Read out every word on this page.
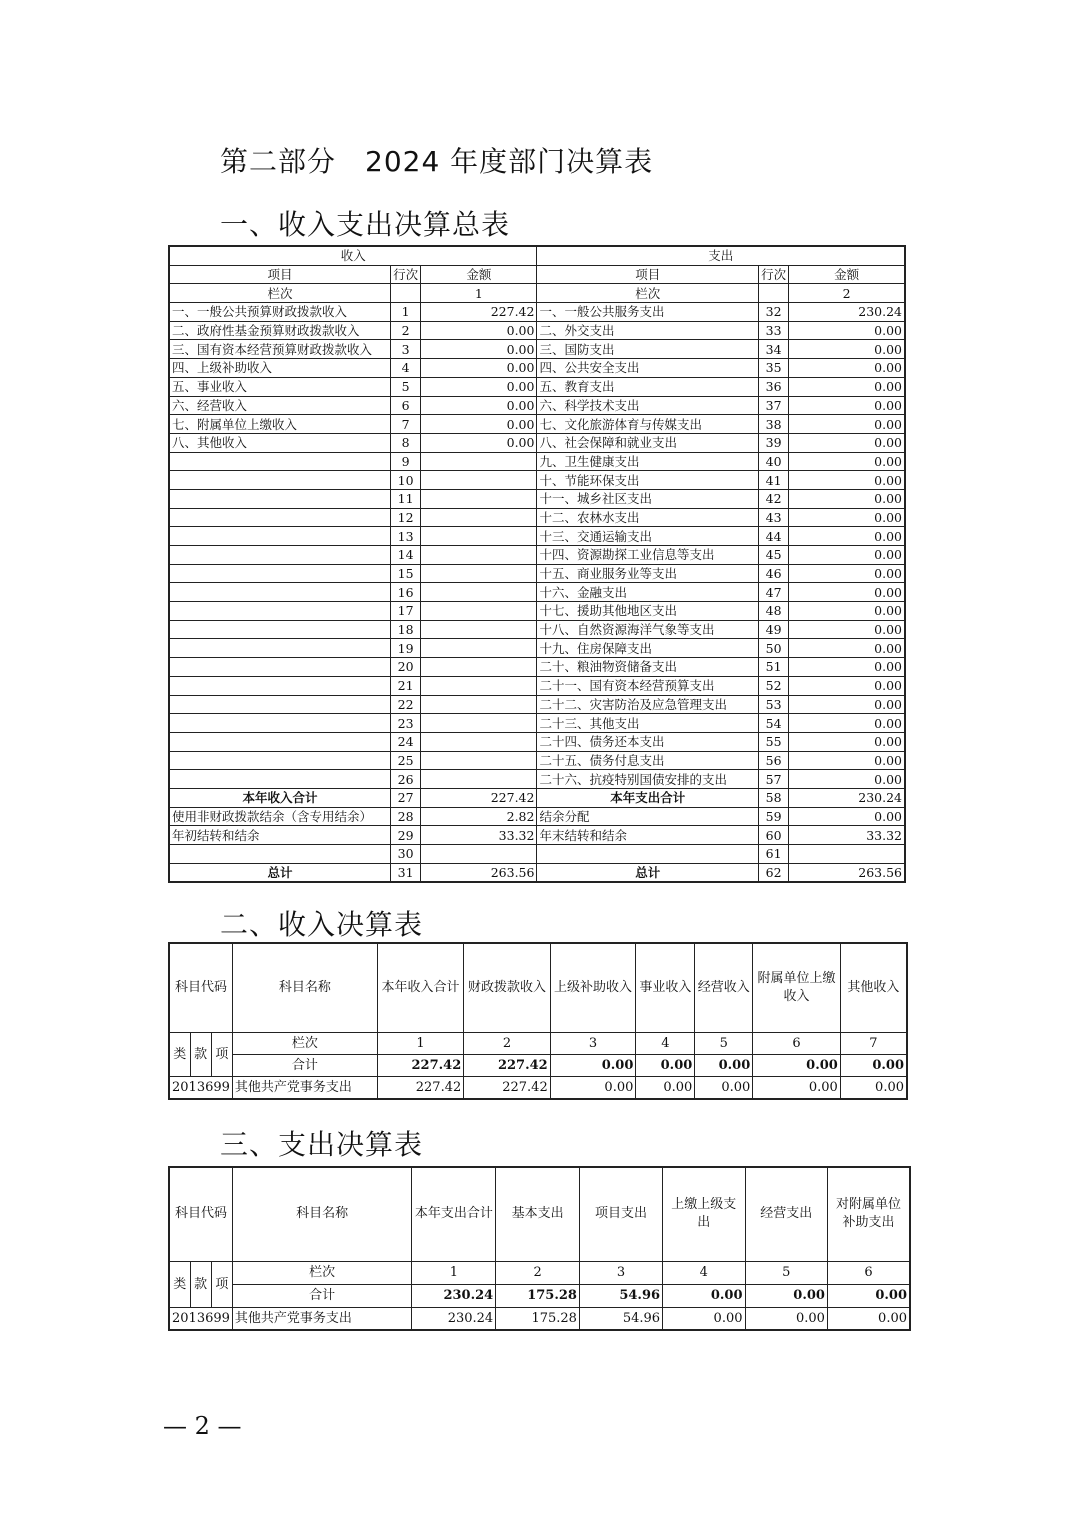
第二部分　2024 年度部门决算表
一、收入支出决算总表
收入			支出		
项目	行次	金额	项目	行次	金额
栏次		1	栏次		2
一、一般公共预算财政拨款收入	1	227.42	一、一般公共服务支出	32	230.24
二、政府性基金预算财政拨款收入	2	0.00	二、外交支出	33	0.00
三、国有资本经营预算财政拨款收入	3	0.00	三、国防支出	34	0.00
四、上级补助收入	4	0.00	四、公共安全支出	35	0.00
五、事业收入	5	0.00	五、教育支出	36	0.00
六、经营收入	6	0.00	六、科学技术支出	37	0.00
七、附属单位上缴收入	7	0.00	七、文化旅游体育与传媒支出	38	0.00
八、其他收入	8	0.00	八、社会保障和就业支出	39	0.00
	9		九、卫生健康支出	40	0.00
	10		十、节能环保支出	41	0.00
	11		十一、城乡社区支出	42	0.00
	12		十二、农林水支出	43	0.00
	13		十三、交通运输支出	44	0.00
	14		十四、资源勘探工业信息等支出	45	0.00
	15		十五、商业服务业等支出	46	0.00
	16		十六、金融支出	47	0.00
	17		十七、援助其他地区支出	48	0.00
	18		十八、自然资源海洋气象等支出	49	0.00
	19		十九、住房保障支出	50	0.00
	20		二十、粮油物资储备支出	51	0.00
	21		二十一、国有资本经营预算支出	52	0.00
	22		二十二、灾害防治及应急管理支出	53	0.00
	23		二十三、其他支出	54	0.00
	24		二十四、债务还本支出	55	0.00
	25		二十五、债务付息支出	56	0.00
	26		二十六、抗疫特别国债安排的支出	57	0.00
本年收入合计	27	227.42	本年支出合计	58	230.24
使用非财政拨款结余（含专用结余）	28	2.82	结余分配	59	0.00
年初结转和结余	29	33.32	年末结转和结余	60	33.32
	30			61	
总计	31	263.56	总计	62	263.56
二、收入决算表
科目代码			科目名称	本年收入合计	财政拨款收入	上级补助收入	事业收入	经营收入	附属单位上缴收入	其他收入
类	款	项	栏次	1	2	3	4	5	6	7
			合计	227.42	227.42	0.00	0.00	0.00	0.00	0.00
2013699			其他共产党事务支出	227.42	227.42	0.00	0.00	0.00	0.00	0.00
三、支出决算表
科目代码			科目名称	本年支出合计	基本支出	项目支出	上缴上级支出	经营支出	对附属单位补助支出
类	款	项	栏次	1	2	3	4	5	6
			合计	230.24	175.28	54.96	0.00	0.00	0.00
2013699			其他共产党事务支出	230.24	175.28	54.96	0.00	0.00	0.00
— 2 —
